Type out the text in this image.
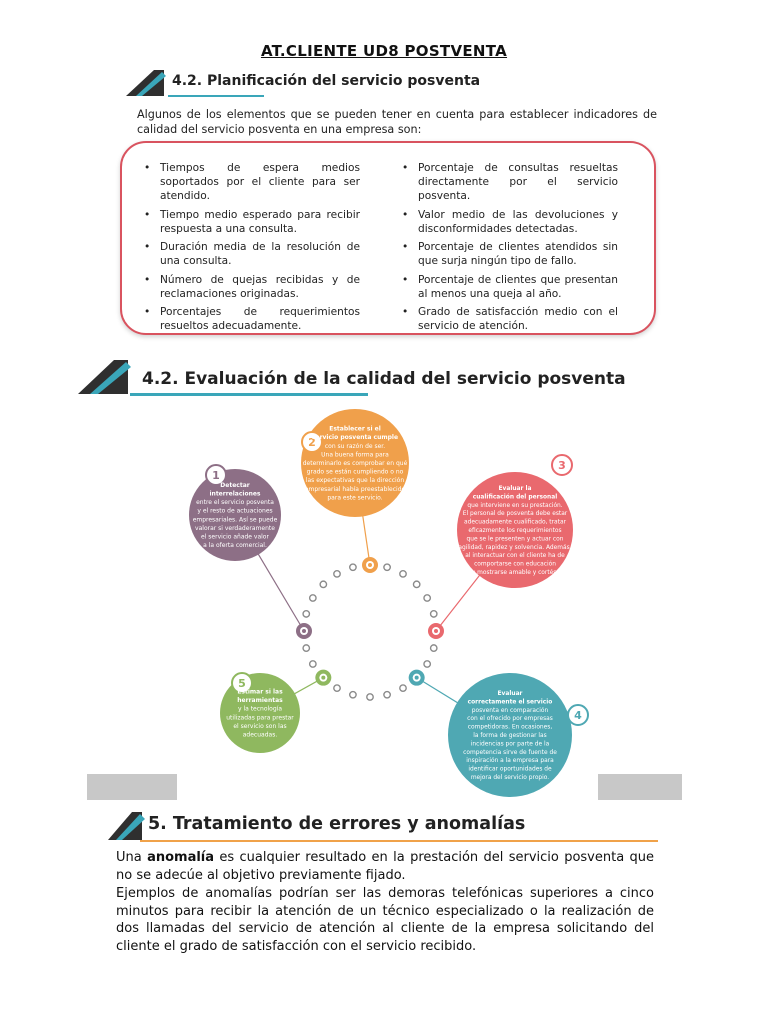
AT.CLIENTE UD8 POSTVENTA
4.2. Planificación del servicio posventa
Algunos de los elementos que se pueden tener en cuenta para establecer indicadores de calidad del servicio posventa en una empresa son:
• Tiempos de espera medios soportados por el cliente para ser atendido.
• Tiempo medio esperado para recibir respuesta a una consulta.
• Duración media de la resolución de una consulta.
• Número de quejas recibidas y de reclamaciones originadas.
• Porcentajes de requerimientos resueltos adecuadamente.
• Porcentaje de consultas resueltas directamente por el servicio posventa.
• Valor medio de las devoluciones y disconformidades detectadas.
• Porcentaje de clientes atendidos sin que surja ningún tipo de fallo.
• Porcentaje de clientes que presentan al menos una queja al año.
• Grado de satisfacción medio con el servicio de atención.
4.2. Evaluación de la calidad del servicio posventa
1
Detectar
interrelaciones
entre el servicio posventa
y el resto de actuaciones
empresariales. Así se puede
valorar si verdaderamente
el servicio añade valor
a la oferta comercial.
2
Establecer si el
servicio posventa cumple
con su razón de ser.
Una buena forma para
determinarlo es comprobar en qué
grado se están cumpliendo o no
las expectativas que la dirección
empresarial había preestablecido
para este servicio.
3
Evaluar la
cualificación del personal
que interviene en su prestación.
El personal de posventa debe estar
adecuadamente cualificado, tratar
eficazmente los requerimientos
que se le presenten y actuar con
agilidad, rapidez y solvencia. Además,
al interactuar con el cliente ha de
comportarse con educación
y mostrarse amable y cortés.
4
Evaluar
correctamente el servicio
posventa en comparación
con el ofrecido por empresas
competidoras. En ocasiones,
la forma de gestionar las
incidencias por parte de la
competencia sirve de fuente de
inspiración a la empresa para
identificar oportunidades de
mejora del servicio propio.
5
Estimar si las
herramientas
y la tecnología
utilizadas para prestar
el servicio son las
adecuadas.
5. Tratamiento de errores y anomalías
Una anomalía es cualquier resultado en la prestación del servicio posventa que no se adecúe al objetivo previamente fijado.
Ejemplos de anomalías podrían ser las demoras telefónicas superiores a cinco minutos para recibir la atención de un técnico especializado o la realización de dos llamadas del servicio de atención al cliente de la empresa solicitando del cliente el grado de satisfacción con el servicio recibido.
